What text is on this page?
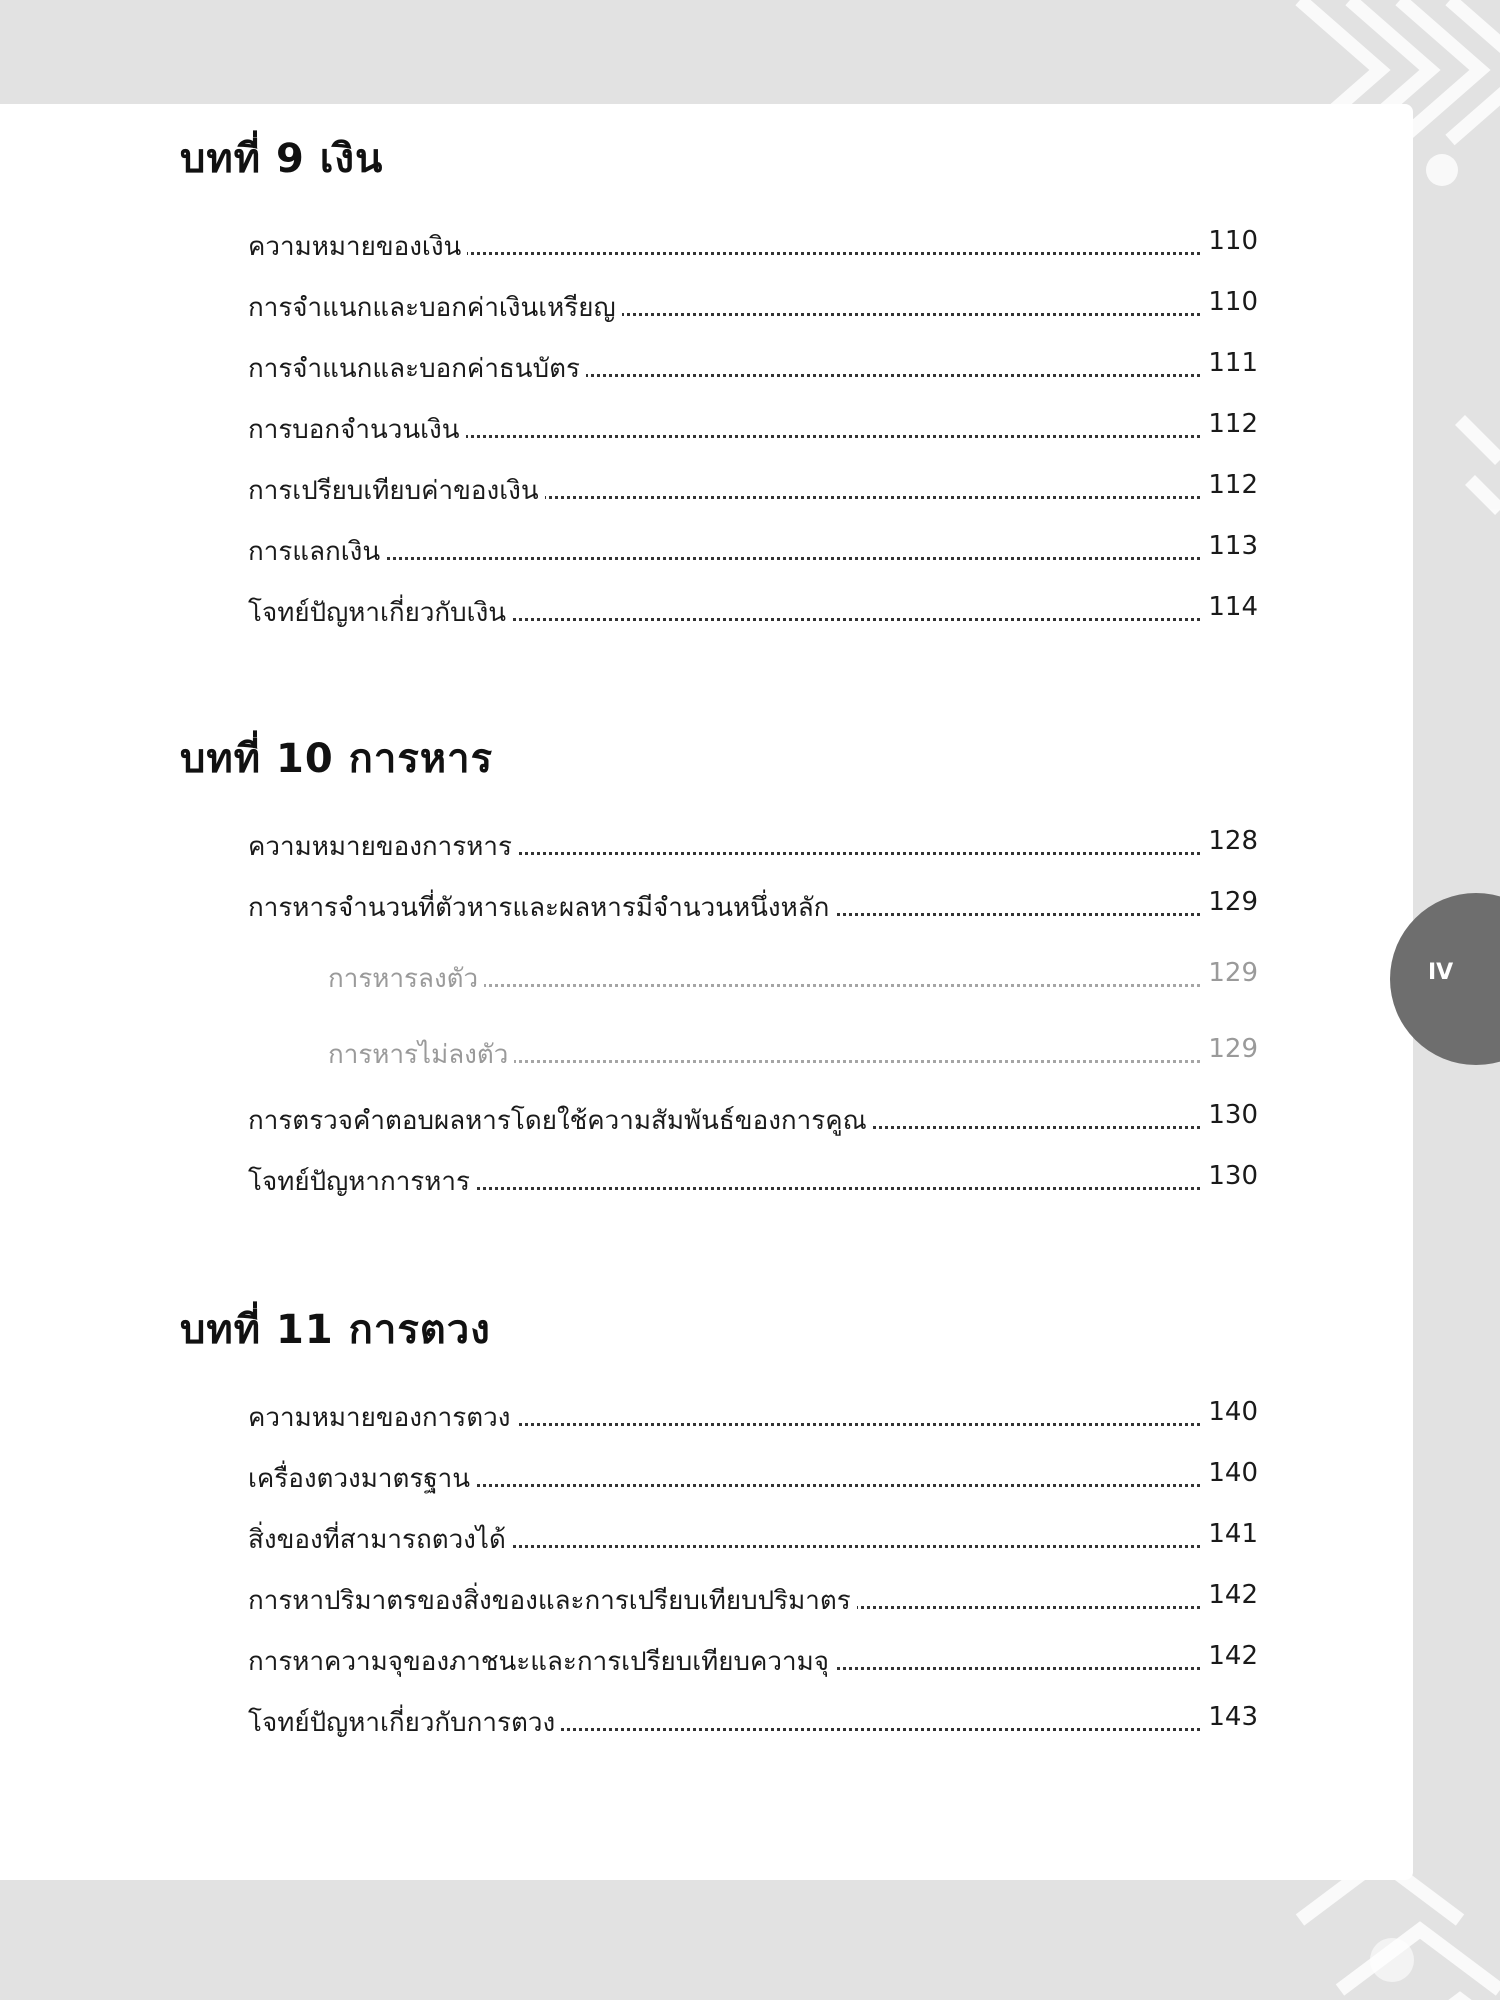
บทที่ 9 เงิน
ความหมายของเงิน	110
การจำแนกและบอกค่าเงินเหรียญ	110
การจำแนกและบอกค่าธนบัตร	111
การบอกจำนวนเงิน	112
การเปรียบเทียบค่าของเงิน	112
การแลกเงิน	113
โจทย์ปัญหาเกี่ยวกับเงิน	114
บทที่ 10 การหาร
ความหมายของการหาร	128
การหารจำนวนที่ตัวหารและผลหารมีจำนวนหนึ่งหลัก	129
การหารลงตัว	129
การหารไม่ลงตัว	129
การตรวจคำตอบผลหารโดยใช้ความสัมพันธ์ของการคูณ	130
โจทย์ปัญหาการหาร	130
บทที่ 11 การตวง
ความหมายของการตวง	140
เครื่องตวงมาตรฐาน	140
สิ่งของที่สามารถตวงได้	141
การหาปริมาตรของสิ่งของและการเปรียบเทียบปริมาตร	142
การหาความจุของภาชนะและการเปรียบเทียบความจุ	142
โจทย์ปัญหาเกี่ยวกับการตวง	143
IV
